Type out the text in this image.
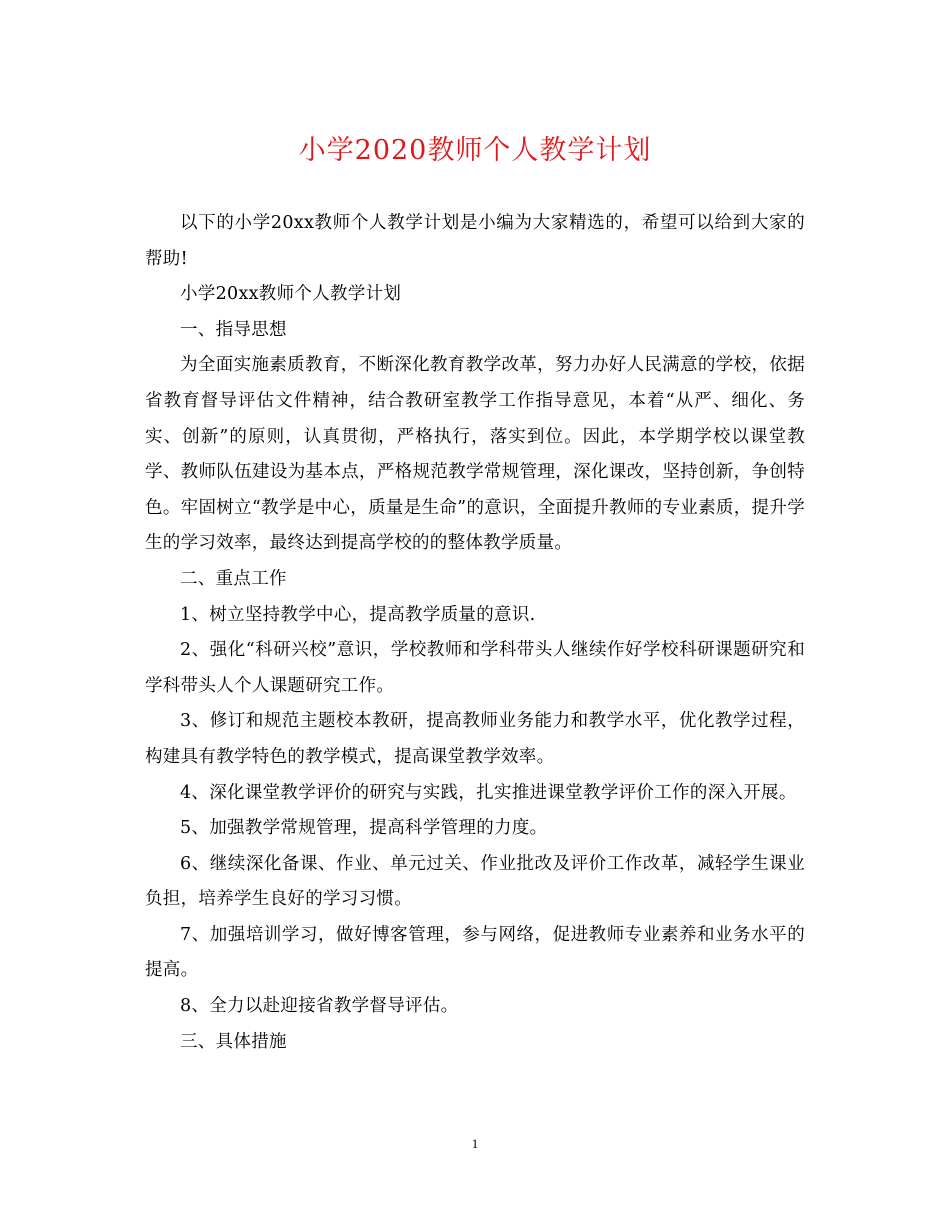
小学2020教师个人教学计划

以下的小学20xx教师个人教学计划是小编为大家精选的，希望可以给到大家的帮助!

小学20xx教师个人教学计划

一、指导思想

为全面实施素质教育，不断深化教育教学改革，努力办好人民满意的学校，依据省教育督导评估文件精神，结合教研室教学工作指导意见，本着“从严、细化、务实、创新”的原则，认真贯彻，严格执行，落实到位。因此，本学期学校以课堂教学、教师队伍建设为基本点，严格规范教学常规管理，深化课改，坚持创新，争创特色。牢固树立“教学是中心，质量是生命”的意识，全面提升教师的专业素质，提升学生的学习效率，最终达到提高学校的的整体教学质量。

二、重点工作

1、树立坚持教学中心，提高教学质量的意识.

2、强化“科研兴校”意识，学校教师和学科带头人继续作好学校科研课题研究和学科带头人个人课题研究工作。

3、修订和规范主题校本教研，提高教师业务能力和教学水平，优化教学过程，构建具有教学特色的教学模式，提高课堂教学效率。

4、深化课堂教学评价的研究与实践，扎实推进课堂教学评价工作的深入开展。

5、加强教学常规管理，提高科学管理的力度。

6、继续深化备课、作业、单元过关、作业批改及评价工作改革，减轻学生课业负担，培养学生良好的学习习惯。

7、加强培训学习，做好博客管理，参与网络，促进教师专业素养和业务水平的提高。

8、全力以赴迎接省教学督导评估。

三、具体措施

1
